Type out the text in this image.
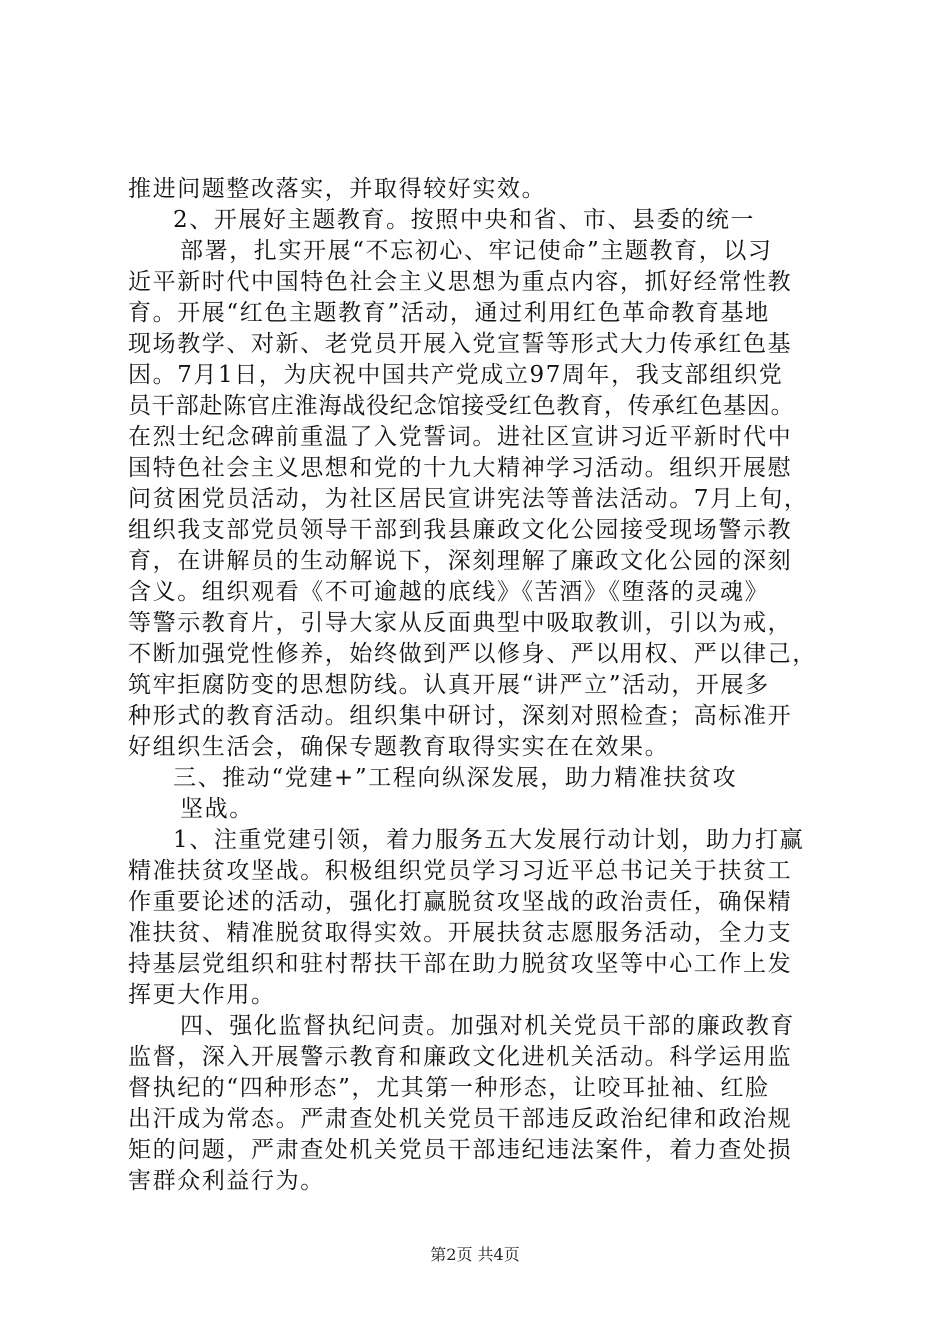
推进问题整改落实，并取得较好实效。
2、开展好主题教育。按照中央和省、市、县委的统一
部署，扎实开展“不忘初心、牢记使命”主题教育，以习
近平新时代中国特色社会主义思想为重点内容，抓好经常性教
育。开展“红色主题教育”活动，通过利用红色革命教育基地
现场教学、对新、老党员开展入党宣誓等形式大力传承红色基
因。7月1日，为庆祝中国共产党成立97周年，我支部组织党
员干部赴陈官庄淮海战役纪念馆接受红色教育，传承红色基因。
在烈士纪念碑前重温了入党誓词。进社区宣讲习近平新时代中
国特色社会主义思想和党的十九大精神学习活动。组织开展慰
问贫困党员活动，为社区居民宣讲宪法等普法活动。7月上旬，
组织我支部党员领导干部到我县廉政文化公园接受现场警示教
育，在讲解员的生动解说下，深刻理解了廉政文化公园的深刻
含义。组织观看《不可逾越的底线》《苦酒》《堕落的灵魂》
等警示教育片，引导大家从反面典型中吸取教训，引以为戒，
不断加强党性修养，始终做到严以修身、严以用权、严以律己，
筑牢拒腐防变的思想防线。认真开展“讲严立”活动，开展多
种形式的教育活动。组织集中研讨，深刻对照检查；高标准开
好组织生活会，确保专题教育取得实实在在效果。
三、推动“党建+”工程向纵深发展，助力精准扶贫攻
坚战。
1、注重党建引领，着力服务五大发展行动计划，助力打赢
精准扶贫攻坚战。积极组织党员学习习近平总书记关于扶贫工
作重要论述的活动，强化打赢脱贫攻坚战的政治责任，确保精
准扶贫、精准脱贫取得实效。开展扶贫志愿服务活动，全力支
持基层党组织和驻村帮扶干部在助力脱贫攻坚等中心工作上发
挥更大作用。
四、强化监督执纪问责。加强对机关党员干部的廉政教育
监督，深入开展警示教育和廉政文化进机关活动。科学运用监
督执纪的“四种形态”，尤其第一种形态，让咬耳扯袖、红脸
出汗成为常态。严肃查处机关党员干部违反政治纪律和政治规
矩的问题，严肃查处机关党员干部违纪违法案件，着力查处损
害群众利益行为。
第2页 共4页
